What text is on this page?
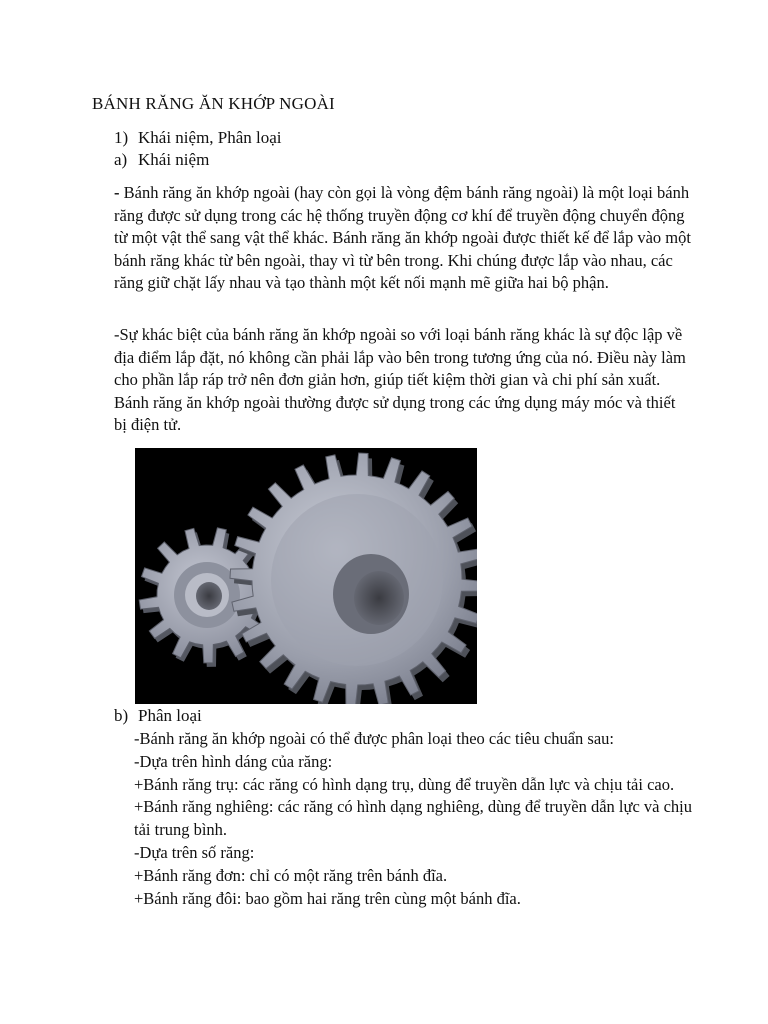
BÁNH RĂNG ĂN KHỚP NGOÀI
1) Khái niệm, Phân loại
a) Khái niệm
- Bánh răng ăn khớp ngoài (hay còn gọi là vòng đệm bánh răng ngoài) là một loại bánh răng được sử dụng trong các hệ thống truyền động cơ khí để truyền động chuyển động từ một vật thể sang vật thể khác. Bánh răng ăn khớp ngoài được thiết kế để lắp vào một bánh răng khác từ bên ngoài, thay vì từ bên trong. Khi chúng được lắp vào nhau, các răng giữ chặt lấy nhau và tạo thành một kết nối mạnh mẽ giữa hai bộ phận.
-Sự khác biệt của bánh răng ăn khớp ngoài so với loại bánh răng khác là sự độc lập về địa điểm lắp đặt, nó không cần phải lắp vào bên trong tương ứng của nó. Điều này làm cho phần lắp ráp trở nên đơn giản hơn, giúp tiết kiệm thời gian và chi phí sản xuất. Bánh răng ăn khớp ngoài thường được sử dụng trong các ứng dụng máy móc và thiết bị điện tử.
b) Phân loại
-Bánh răng ăn khớp ngoài có thể được phân loại theo các tiêu chuẩn sau:
-Dựa trên hình dáng của răng:
+Bánh răng trụ: các răng có hình dạng trụ, dùng để truyền dẫn lực và chịu tải cao.
+Bánh răng nghiêng: các răng có hình dạng nghiêng, dùng để truyền dẫn lực và chịu tải trung bình.
-Dựa trên số răng:
+Bánh răng đơn: chỉ có một răng trên bánh đĩa.
+Bánh răng đôi: bao gồm hai răng trên cùng một bánh đĩa.
